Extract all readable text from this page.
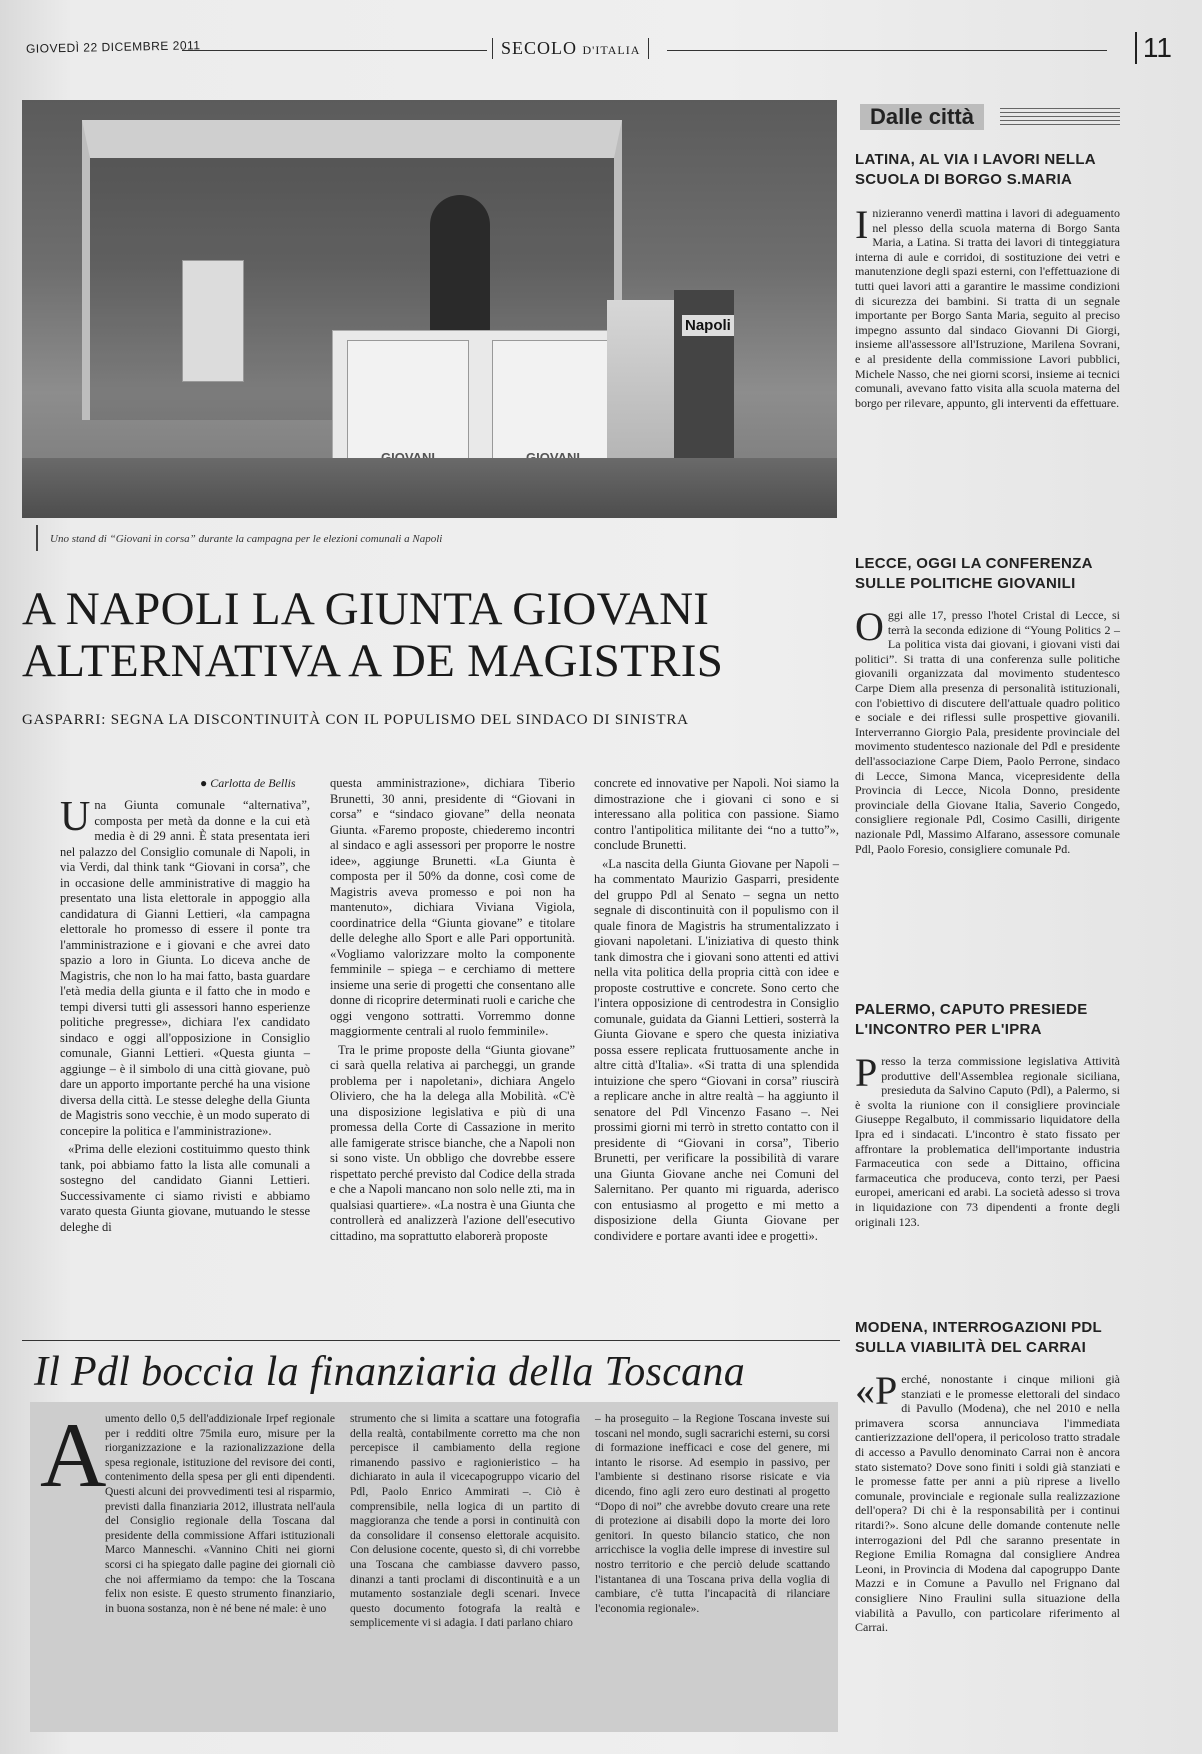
GIOVEDÌ 22 DICEMBRE 2011	SECOLO D'ITALIA	11
Napoli
Uno stand di “Giovani in corsa” durante la campagna per le elezioni comunali a Napoli
A NAPOLI LA GIUNTA GIOVANI
ALTERNATIVA A DE MAGISTRIS
GASPARRI: SEGNA LA DISCONTINUITÀ CON IL POPULISMO DEL SINDACO DI SINISTRA
● Carlotta de Bellis
U na Giunta comunale “alternativa”, composta per metà da donne e la cui età media è di 29 anni. È stata presentata ieri nel palazzo del Consiglio comunale di Napoli, in via Verdi, dal think tank “Giovani in corsa”, che in occasione delle amministrative di maggio ha presentato una lista elettorale in appoggio alla candidatura di Gianni Lettieri, «la campagna elettorale ho promesso di essere il ponte tra l'amministrazione e i giovani e che avrei dato spazio a loro in Giunta. Lo diceva anche de Magistris, che non lo ha mai fatto, basta guardare l'età media della giunta e il fatto che in modo e tempi diversi tutti gli assessori hanno esperienze politiche pregresse», dichiara l'ex candidato sindaco e oggi all'opposizione in Consiglio comunale, Gianni Lettieri. «Questa giunta – aggiunge – è il simbolo di una città giovane, può dare un apporto importante perché ha una visione diversa della città. Le stesse deleghe della Giunta de Magistris sono vecchie, è un modo superato di concepire la politica e l'amministrazione».

«Prima delle elezioni costituimmo questo think tank, poi abbiamo fatto la lista alle comunali a sostegno del candidato Gianni Lettieri. Successivamente ci siamo rivisti e abbiamo varato questa Giunta giovane, mutuando le stesse deleghe di

questa amministrazione», dichiara Tiberio Brunetti, 30 anni, presidente di “Giovani in corsa” e “sindaco giovane” della neonata Giunta. «Faremo proposte, chiederemo incontri al sindaco e agli assessori per proporre le nostre idee», aggiunge Brunetti. «La Giunta è composta per il 50% da donne, così come de Magistris aveva promesso e poi non ha mantenuto», dichiara Viviana Vigiola, coordinatrice della “Giunta giovane” e titolare delle deleghe allo Sport e alle Pari opportunità. «Vogliamo valorizzare molto la componente femminile – spiega – e cerchiamo di mettere insieme una serie di progetti che consentano alle donne di ricoprire determinati ruoli e cariche che oggi vengono sottratti. Vorremmo donne maggiormente centrali al ruolo femminile».

Tra le prime proposte della “Giunta giovane” ci sarà quella relativa ai parcheggi, un grande problema per i napoletani», dichiara Angelo Oliviero, che ha la delega alla Mobilità. «C'è una disposizione legislativa e più di una promessa della Corte di Cassazione in merito alle famigerate strisce bianche, che a Napoli non si sono viste. Un obbligo che dovrebbe essere rispettato perché previsto dal Codice della strada e che a Napoli mancano non solo nelle zti, ma in qualsiasi quartiere». «La nostra è una Giunta che controllerà ed analizzerà l'azione dell'esecutivo cittadino, ma soprattutto elaborerà proposte

concrete ed innovative per Napoli. Noi siamo la dimostrazione che i giovani ci sono e si interessano alla politica con passione. Siamo contro l'antipolitica militante dei “no a tutto”», conclude Brunetti.

«La nascita della Giunta Giovane per Napoli – ha commentato Maurizio Gasparri, presidente del gruppo Pdl al Senato – segna un netto segnale di discontinuità con il populismo con il quale finora de Magistris ha strumentalizzato i giovani napoletani. L'iniziativa di questo think tank dimostra che i giovani sono attenti ed attivi nella vita politica della propria città con idee e proposte costruttive e concrete. Sono certo che l'intera opposizione di centrodestra in Consiglio comunale, guidata da Gianni Lettieri, sosterrà la Giunta Giovane e spero che questa iniziativa possa essere replicata fruttuosamente anche in altre città d'Italia». «Si tratta di una splendida intuizione che spero “Giovani in corsa” riuscirà a replicare anche in altre realtà – ha aggiunto il senatore del Pdl Vincenzo Fasano –. Nei prossimi giorni mi terrò in stretto contatto con il presidente di “Giovani in corsa”, Tiberio Brunetti, per verificare la possibilità di varare una Giunta Giovane anche nei Comuni del Salernitano. Per quanto mi riguarda, aderisco con entusiasmo al progetto e mi metto a disposizione della Giunta Giovane per condividere e portare avanti idee e progetti».

Il Pdl boccia la finanziaria della Toscana
A
umento dello 0,5 dell'addizionale Irpef regionale per i redditi oltre 75mila euro, misure per la riorganizzazione e la razionalizzazione della spesa regionale, istituzione del revisore dei conti, contenimento della spesa per gli enti dipendenti. Questi alcuni dei provvedimenti tesi al risparmio, previsti dalla finanziaria 2012, illustrata nell'aula del Consiglio regionale della Toscana dal presidente della commissione Affari istituzionali Marco Manneschi. «Vannino Chiti nei giorni scorsi ci ha spiegato dalle pagine dei giornali ciò che noi affermiamo da tempo: che la Toscana felix non esiste. E questo strumento finanziario, in buona sostanza, non è né bene né male: è uno
strumento che si limita a scattare una fotografia della realtà, contabilmente corretto ma che non percepisce il cambiamento della regione rimanendo passivo e ragionieristico – ha dichiarato in aula il vicecapogruppo vicario del Pdl, Paolo Enrico Ammirati –. Ciò è comprensibile, nella logica di un partito di maggioranza che tende a porsi in continuità con da consolidare il consenso elettorale acquisito. Con delusione cocente, questo sì, di chi vorrebbe una Toscana che cambiasse davvero passo, dinanzi a tanti proclami di discontinuità e a un mutamento sostanziale degli scenari. Invece questo documento fotografa la realtà e semplicemente vi si adagia. I dati parlano chiaro
– ha proseguito – la Regione Toscana investe sui toscani nel mondo, sugli sacrarichi esterni, su corsi di formazione inefficaci e cose del genere, mi intanto le risorse. Ad esempio in passivo, per l'ambiente si destinano risorse risicate e via dicendo, fino agli zero euro destinati al progetto “Dopo di noi” che avrebbe dovuto creare una rete di protezione ai disabili dopo la morte dei loro genitori. In questo bilancio statico, che non arricchisce la voglia delle imprese di investire sul nostro territorio e che perciò delude scattando l'istantanea di una Toscana priva della voglia di cambiare, c'è tutta l'incapacità di rilanciare l'economia regionale».
Dalle città
LATINA, AL VIA I LAVORI NELLA
SCUOLA DI BORGO S.MARIA
Inizieranno venerdì mattina i lavori di adeguamento nel plesso della scuola materna di Borgo Santa Maria, a Latina. Si tratta dei lavori di tinteggiatura interna di aule e corridoi, di sostituzione dei vetri e manutenzione degli spazi esterni, con l'effettuazione di tutti quei lavori atti a garantire le massime condizioni di sicurezza dei bambini. Si tratta di un segnale importante per Borgo Santa Maria, seguito al preciso impegno assunto dal sindaco Giovanni Di Giorgi, insieme all'assessore all'Istruzione, Marilena Sovrani, e al presidente della commissione Lavori pubblici, Michele Nasso, che nei giorni scorsi, insieme ai tecnici comunali, avevano fatto visita alla scuola materna del borgo per rilevare, appunto, gli interventi da effettuare.
LECCE, OGGI LA CONFERENZA
SULLE POLITICHE GIOVANILI
Oggi alle 17, presso l'hotel Cristal di Lecce, si terrà la seconda edizione di “Young Politics 2 – La politica vista dai giovani, i giovani visti dai politici”. Si tratta di una conferenza sulle politiche giovanili organizzata dal movimento studentesco Carpe Diem alla presenza di personalità istituzionali, con l'obiettivo di discutere dell'attuale quadro politico e sociale e dei riflessi sulle prospettive giovanili. Interverranno Giorgio Pala, presidente provinciale del movimento studentesco nazionale del Pdl e presidente dell'associazione Carpe Diem, Paolo Perrone, sindaco di Lecce, Simona Manca, vicepresidente della Provincia di Lecce, Nicola Donno, presidente provinciale della Giovane Italia, Saverio Congedo, consigliere regionale Pdl, Cosimo Casilli, dirigente nazionale Pdl, Massimo Alfarano, assessore comunale Pdl, Paolo Foresio, consigliere comunale Pd.
PALERMO, CAPUTO PRESIEDE
L'INCONTRO PER L'IPRA
Presso la terza commissione legislativa Attività produttive dell'Assemblea regionale siciliana, presieduta da Salvino Caputo (Pdl), a Palermo, si è svolta la riunione con il consigliere provinciale Giuseppe Regalbuto, il commissario liquidatore della Ipra ed i sindacati. L'incontro è stato fissato per affrontare la problematica dell'importante industria Farmaceutica con sede a Dittaino, officina farmaceutica che produceva, conto terzi, per Paesi europei, americani ed arabi. La società adesso si trova in liquidazione con 73 dipendenti a fronte degli originali 123.
MODENA, INTERROGAZIONI PDL
SULLA VIABILITÀ DEL CARRAI
«Perché, nonostante i cinque milioni già stanziati e le promesse elettorali del sindaco di Pavullo (Modena), che nel 2010 e nella primavera scorsa annunciava l'immediata cantierizzazione dell'opera, il pericoloso tratto stradale di accesso a Pavullo denominato Carrai non è ancora stato sistemato? Dove sono finiti i soldi già stanziati e le promesse fatte per anni a più riprese a livello comunale, provinciale e regionale sulla realizzazione dell'opera? Di chi è la responsabilità per i continui ritardi?». Sono alcune delle domande contenute nelle interrogazioni del Pdl che saranno presentate in Regione Emilia Romagna dal consigliere Andrea Leoni, in Provincia di Modena dal capogruppo Dante Mazzi e in Comune a Pavullo nel Frignano dal consigliere Nino Fraulini sulla situazione della viabilità a Pavullo, con particolare riferimento al Carrai.
